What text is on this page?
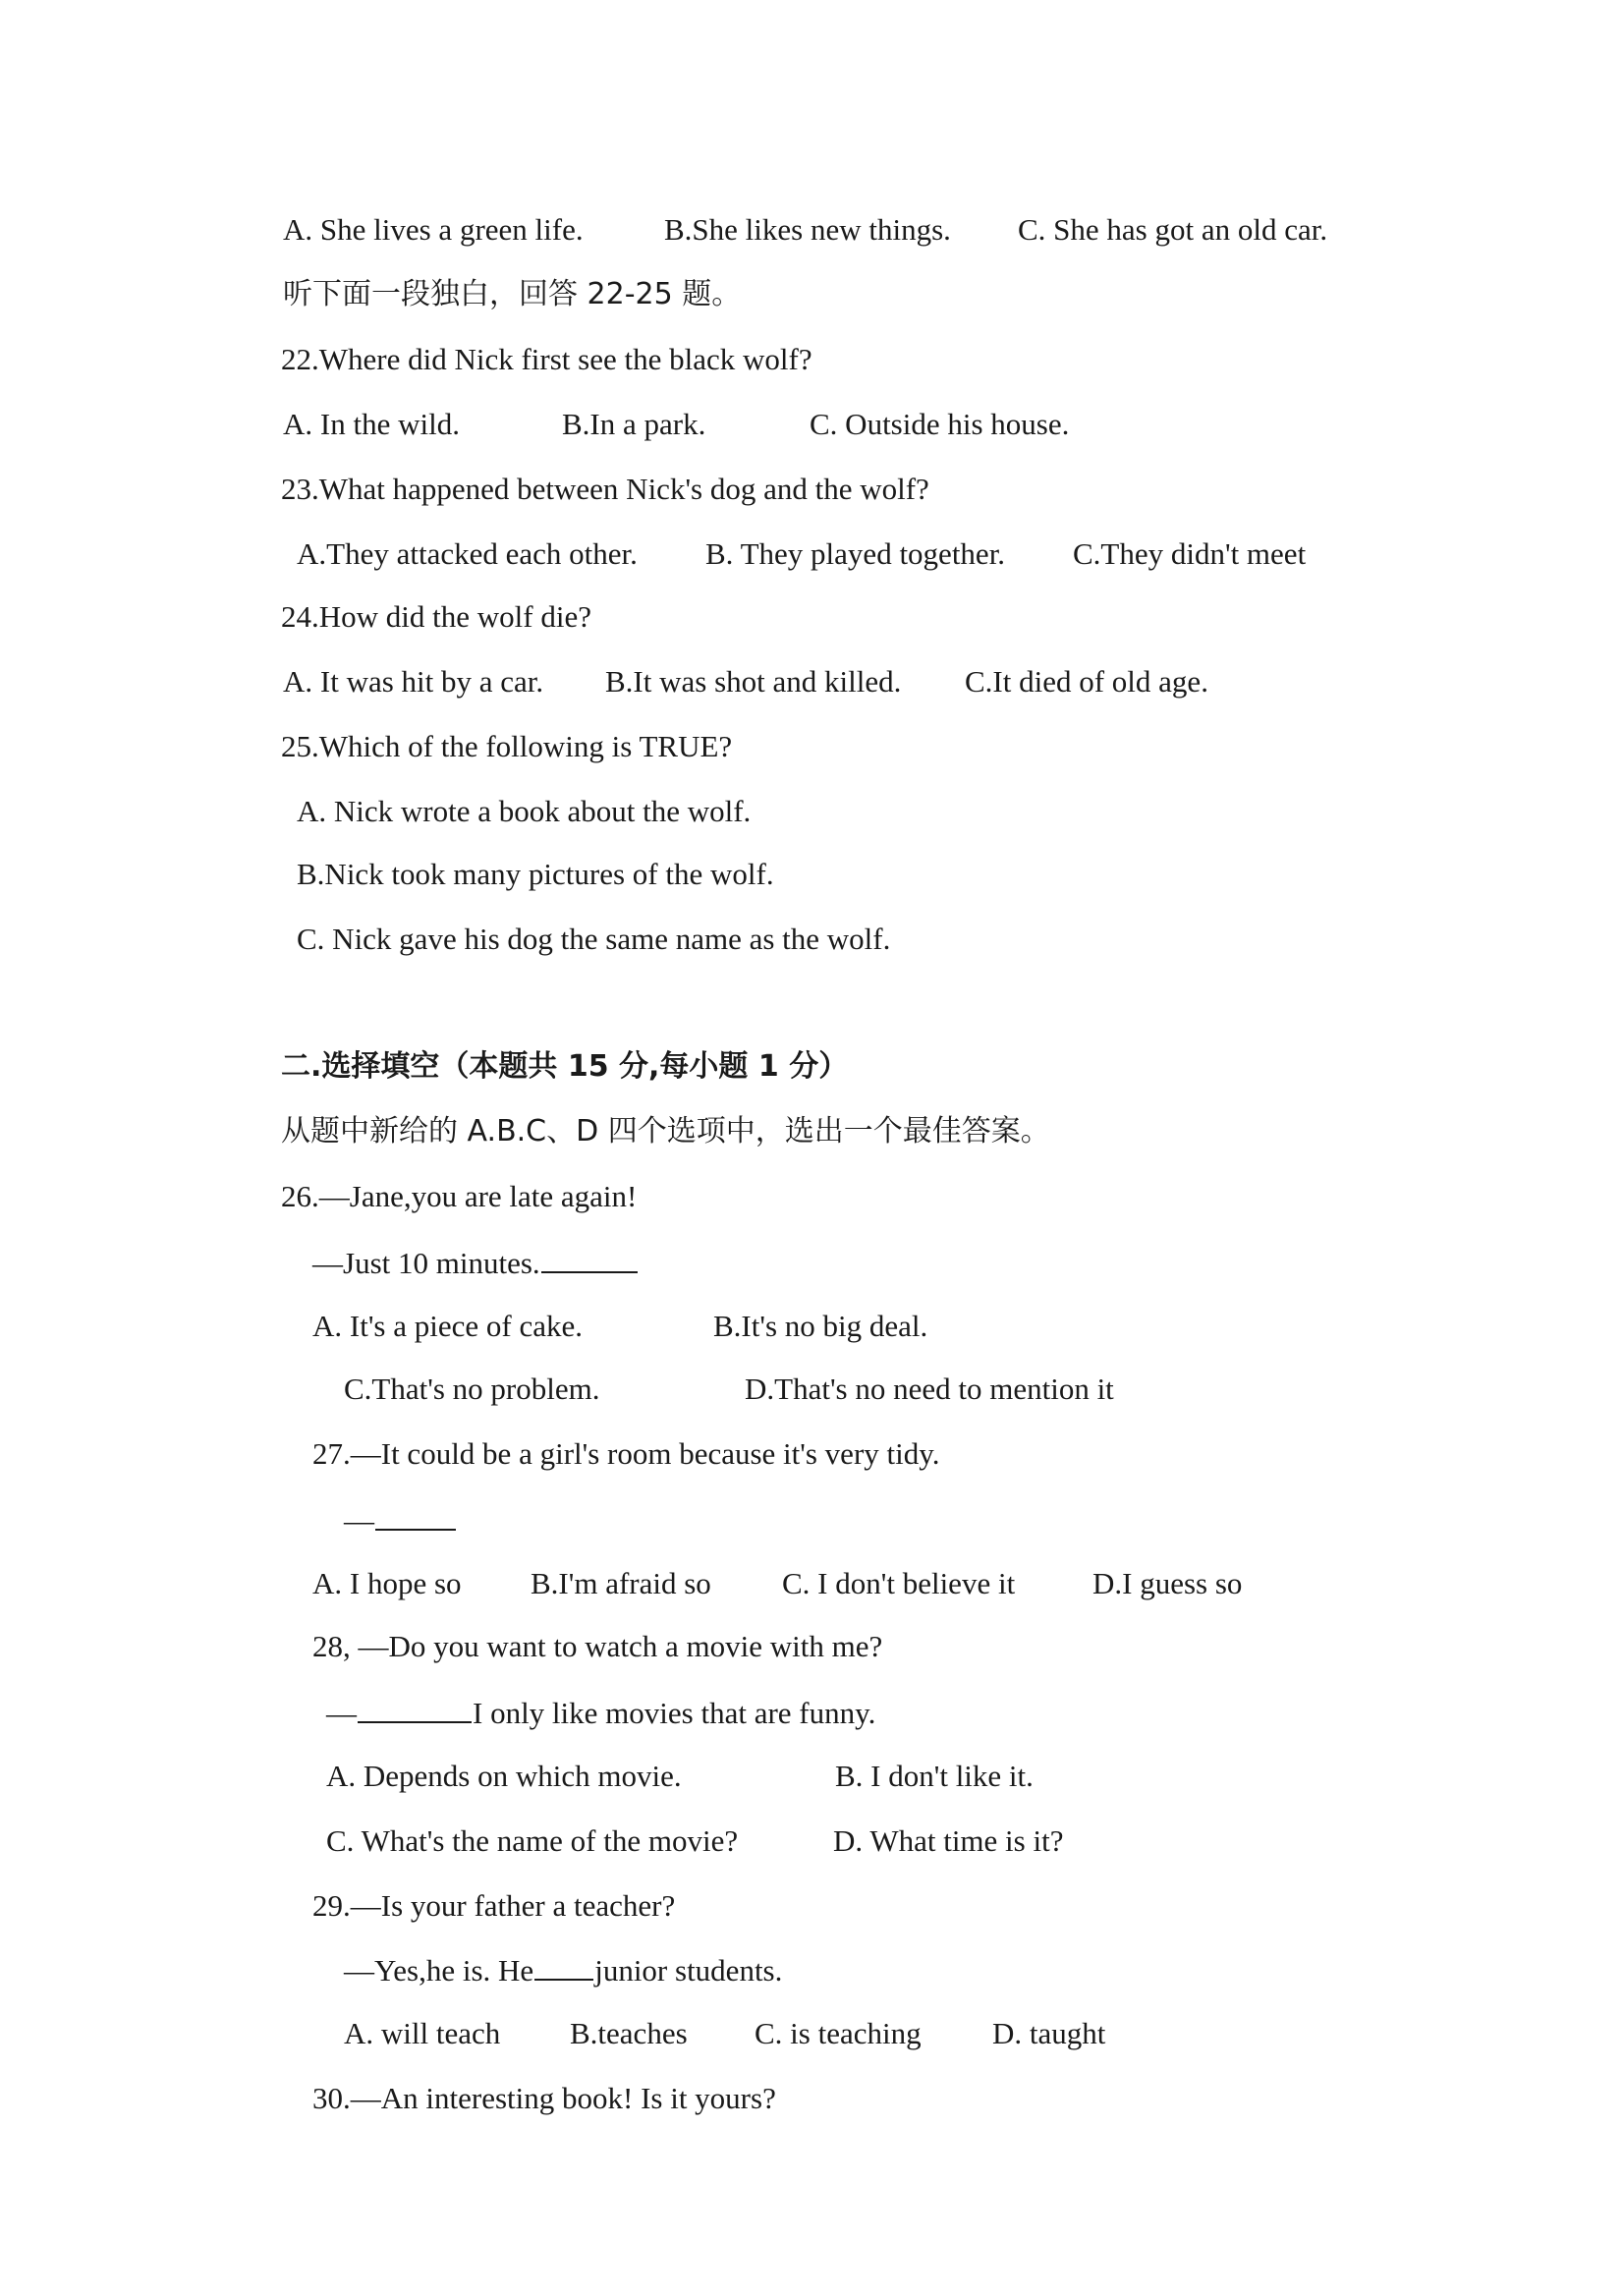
A. She lives a green life.	B.She likes new things. C. She has got an old car.
听下面一段独白，回答 22-25 题。
22.Where did Nick first see the black wolf?
A. In the wild.	B.In a park.	C. Outside his house.
23.What happened between Nick's dog and the wolf?
A.They attacked each other. B. They played together. C.They didn't meet
24.How did the wolf die?
A. It was hit by a car. B.It was shot and killed. C.It died of old age.
25.Which of the following is TRUE?
A. Nick wrote a book about the wolf.
B.Nick took many pictures of the wolf.
C. Nick gave his dog the same name as the wolf.
二.选择填空（本题共 15 分,每小题 1 分）
从题中新给的 A.B.C、D 四个选项中，选出一个最佳答案。
26.—Jane,you are late again!
—Just 10 minutes.
A. It's a piece of cake.	B.It's no big deal.
C.That's no problem.	D.That's no need to mention it
27.—It could be a girl's room because it's very tidy.
—
A. I hope so B.I'm afraid so C. I don't believe it	D.I guess so
28, —Do you want to watch a movie with me?
—	I only like movies that are funny.
A. Depends on which movie.	B. I don't like it.
C. What's the name of the movie?	D. What time is it?
29.—Is your father a teacher?
—Yes,he is. He junior students.
A. will teach B.teaches C. is teaching D. taught
30.—An interesting book! Is it yours?
